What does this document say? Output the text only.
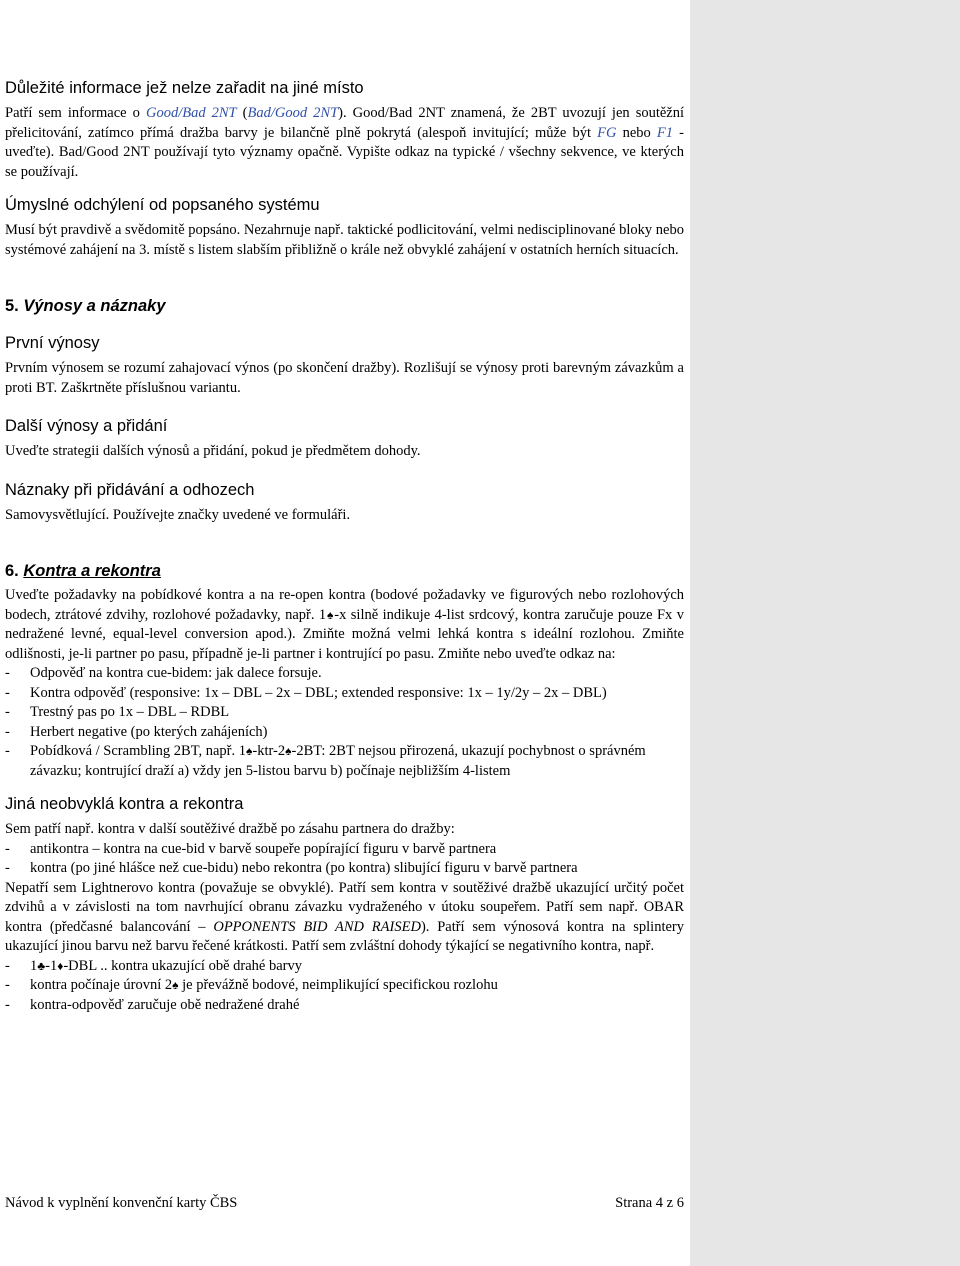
Důležité informace jež nelze zařadit na jiné místo

Patří sem informace o Good/Bad 2NT (Bad/Good 2NT). Good/Bad 2NT znamená, že 2BT uvozují jen soutěžní přelicitování, zatímco přímá dražba barvy je bilančně plně pokrytá (alespoň invitující; může být FG nebo F1 - uveďte). Bad/Good 2NT používají tyto významy opačně. Vypište odkaz na typické / všechny sekvence, ve kterých se používají.

Úmyslné odchýlení od popsaného systému

Musí být pravdivě a svědomitě popsáno. Nezahrnuje např. taktické podlicitování, velmi nedisciplinované bloky nebo systémové zahájení na 3. místě s listem slabším přibližně o krále než obvyklé zahájení v ostatních herních situacích.

5. Výnosy a náznaky
První výnosy

Prvním výnosem se rozumí zahajovací výnos (po skončení dražby). Rozlišují se výnosy proti barevným závazkům a proti BT. Zaškrtněte příslušnou variantu.

Další výnosy a přidání

Uveďte strategii dalších výnosů a přidání, pokud je předmětem dohody.

Náznaky při přidávání a odhozech

Samovysvětlující. Používejte značky uvedené ve formuláři.

6. Kontra a rekontra

Uveďte požadavky na pobídkové kontra a na re-open kontra (bodové požadavky ve figurových nebo rozlohových bodech, ztrátové zdvihy, rozlohové požadavky, např. 1♠-x silně indikuje 4-list srdcový, kontra zaručuje pouze Fx v nedražené levné, equal-level conversion apod.). Zmiňte možná velmi lehká kontra s ideální rozlohou. Zmiňte odlišnosti, je-li partner po pasu, případně je-li partner i kontrující po pasu. Zmiňte nebo uveďte odkaz na:

- Odpověď na kontra cue-bidem: jak dalece forsuje.
- Kontra odpověď (responsive: 1x – DBL – 2x – DBL; extended responsive: 1x – 1y/2y – 2x – DBL)
- Trestný pas po 1x – DBL – RDBL
- Herbert negative (po kterých zahájeních)
- Pobídková / Scrambling 2BT, např. 1♠-ktr-2♠-2BT: 2BT nejsou přirozená, ukazují pochybnost o správném závazku; kontrující draží a) vždy jen 5-listou barvu b) počínaje nejbližším 4-listem
Jiná neobvyklá kontra a rekontra

Sem patří např. kontra v další soutěživé dražbě po zásahu partnera do dražby:

- antikontra – kontra na cue-bid v barvě soupeře popírající figuru v barvě partnera
- kontra (po jiné hlášce než cue-bidu) nebo rekontra (po kontra) slibující figuru v barvě partnera

Nepatří sem Lightnerovo kontra (považuje se obvyklé). Patří sem kontra v soutěživé dražbě ukazující určitý počet zdvihů a v závislosti na tom navrhující obranu závazku vydraženého v útoku soupeřem. Patří sem např. OBAR kontra (předčasné balancování – OPPONENTS BID AND RAISED). Patří sem výnosová kontra na splintery ukazující jinou barvu než barvu řečené krátkosti. Patří sem zvláštní dohody týkající se negativního kontra, např.

- 1♣-1♦-DBL .. kontra ukazující obě drahé barvy
- kontra počínaje úrovní 2♠ je převážně bodové, neimplikující specifickou rozlohu
- kontra-odpověď zaručuje obě nedražené drahé
Návod k vyplnění konvenční karty ČBS	Strana 4 z 6
